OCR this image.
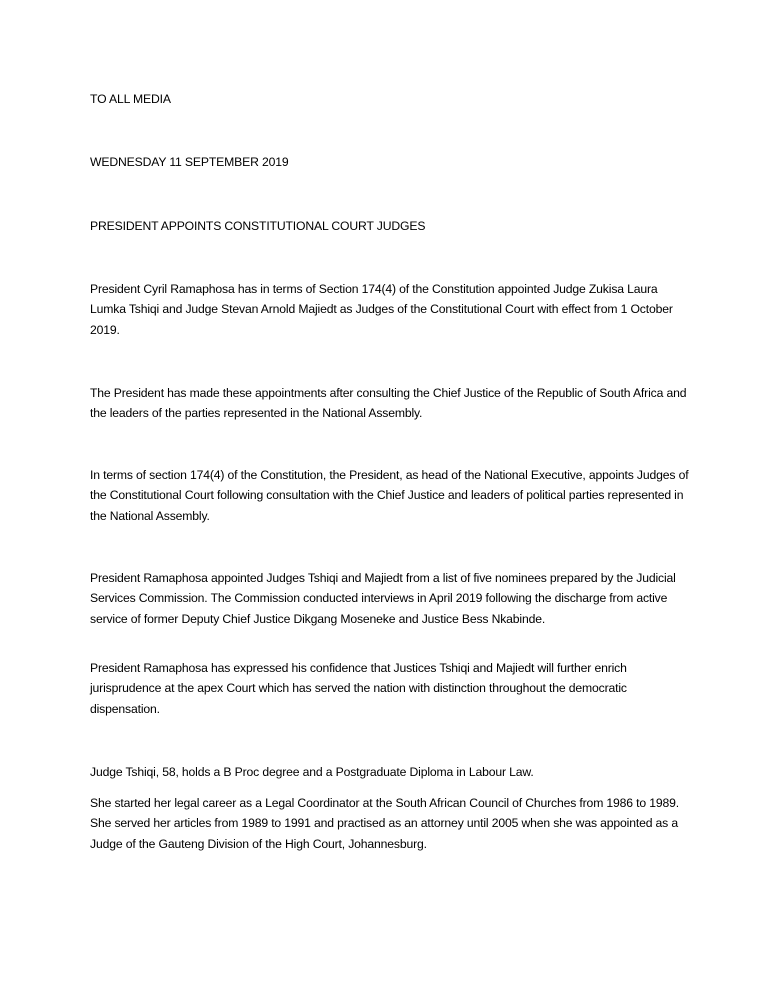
TO ALL MEDIA

WEDNESDAY 11 SEPTEMBER 2019

PRESIDENT APPOINTS CONSTITUTIONAL COURT JUDGES

President Cyril Ramaphosa has in terms of Section 174(4) of the Constitution appointed Judge Zukisa Laura Lumka Tshiqi and Judge Stevan Arnold Majiedt as Judges of the Constitutional Court with effect from 1 October 2019.

The President has made these appointments after consulting the Chief Justice of the Republic of South Africa and the leaders of the parties represented in the National Assembly.

In terms of section 174(4) of the Constitution, the President, as head of the National Executive, appoints Judges of the Constitutional Court following consultation with the Chief Justice and leaders of political parties represented in the National Assembly.

President Ramaphosa appointed Judges Tshiqi and Majiedt from a list of five nominees prepared by the Judicial Services Commission. The Commission conducted interviews in April 2019 following the discharge from active service of former Deputy Chief Justice Dikgang Moseneke and Justice Bess Nkabinde.

President Ramaphosa has expressed his confidence that Justices Tshiqi and Majiedt will further enrich jurisprudence at the apex Court which has served the nation with distinction throughout the democratic dispensation.

Judge Tshiqi, 58, holds a B Proc degree and a Postgraduate Diploma in Labour Law.

She started her legal career as a Legal Coordinator at the South African Council of Churches from 1986 to 1989. She served her articles from 1989 to 1991 and practised as an attorney until 2005 when she was appointed as a Judge of the Gauteng Division of the High Court, Johannesburg.
